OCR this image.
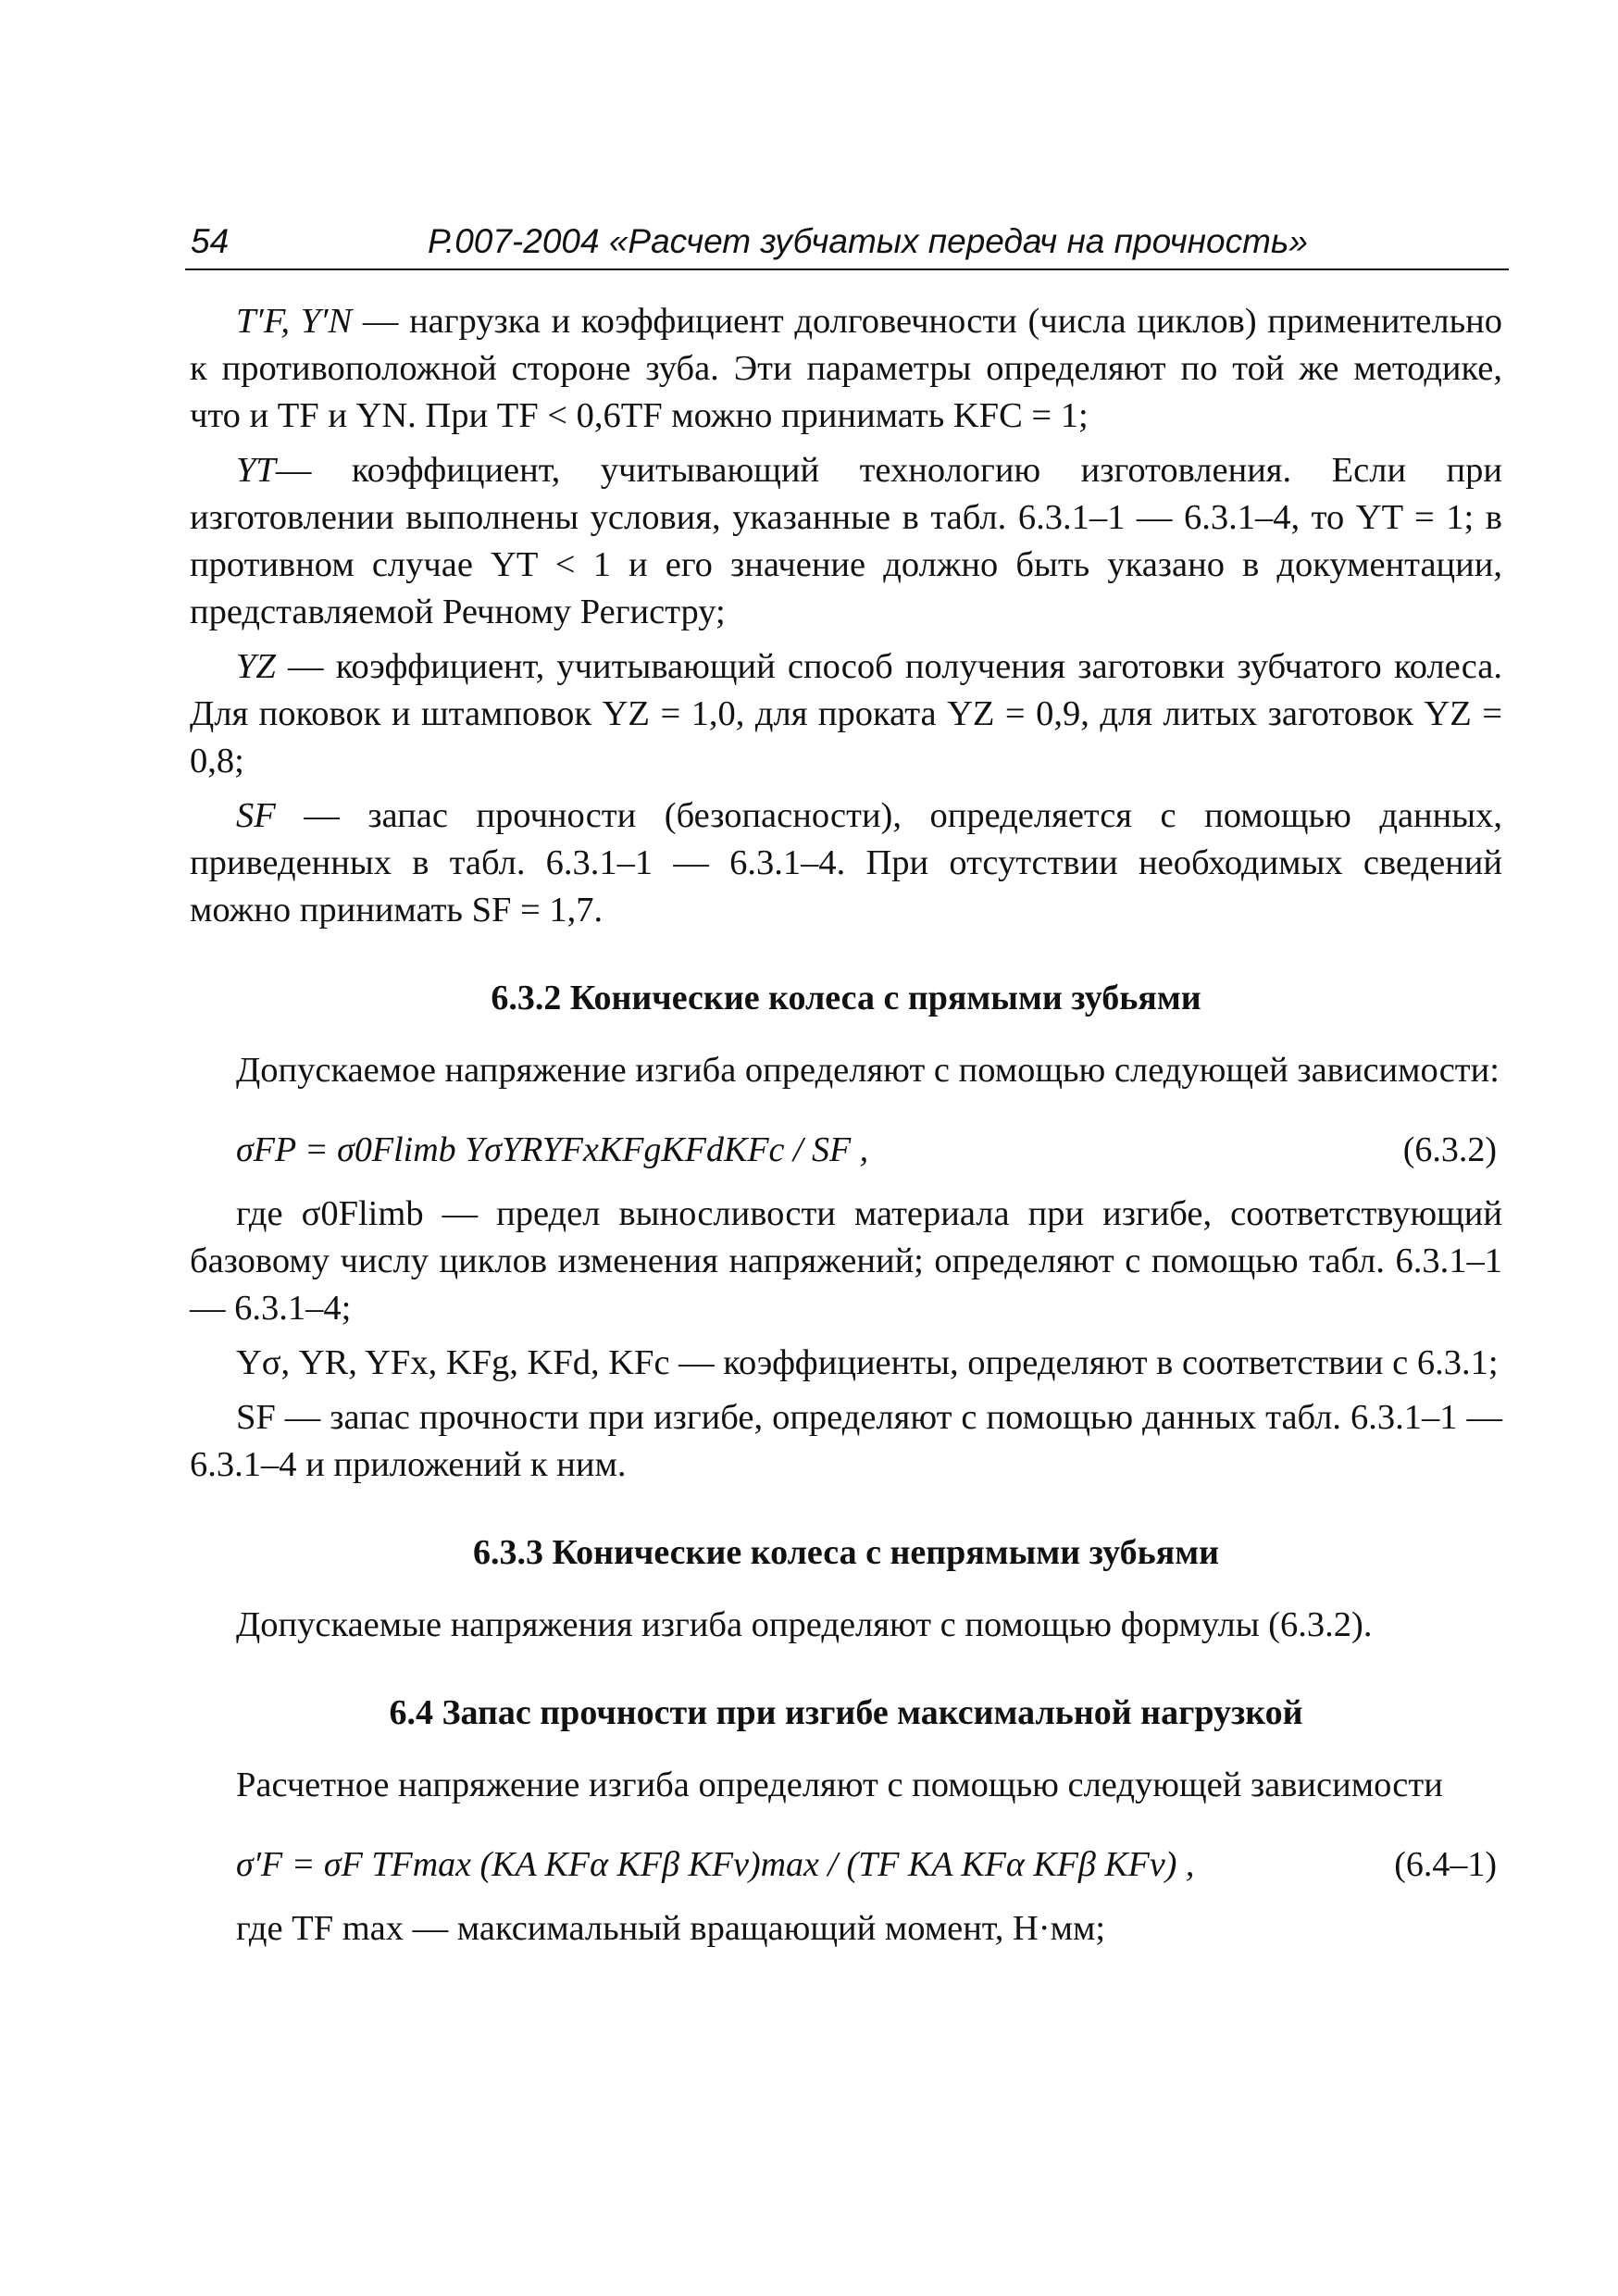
54	Р.007-2004 «Расчет зубчатых передач на прочность»

T′F, Y′N — нагрузка и коэффициент долговечности (числа циклов) применительно к противоположной стороне зуба. Эти параметры определяют по той же методике, что и TF и YN. При TF < 0,6TF можно принимать KFC = 1;

YT— коэффициент, учитывающий технологию изготовления. Если при изготовлении выполнены условия, указанные в табл. 6.3.1–1 — 6.3.1–4, то YT = 1; в противном случае YT < 1 и его значение должно быть указано в документации, представляемой Речному Регистру;

YZ — коэффициент, учитывающий способ получения заготовки зубчатого колеса. Для поковок и штамповок YZ = 1,0, для проката YZ = 0,9, для литых заготовок YZ = 0,8;

SF — запас прочности (безопасности), определяется с помощью данных, приведенных в табл. 6.3.1–1 — 6.3.1–4. При отсутствии необходимых сведений можно принимать SF = 1,7.

6.3.2 Конические колеса с прямыми зубьями

Допускаемое напряжение изгиба определяют с помощью следующей зависимости:

σFP = σ0Flimb YσYRYFxKFgKFdKFc / SF ,	(6.3.2)

где σ0Flimb — предел выносливости материала при изгибе, соответствующий базовому числу циклов изменения напряжений; определяют с помощью табл. 6.3.1–1 — 6.3.1–4;

Yσ, YR, YFx, KFg, KFd, KFc — коэффициенты, определяют в соответствии с 6.3.1;

SF — запас прочности при изгибе, определяют с помощью данных табл. 6.3.1–1 — 6.3.1–4 и приложений к ним.

6.3.3 Конические колеса с непрямыми зубьями

Допускаемые напряжения изгиба определяют с помощью формулы (6.3.2).

6.4 Запас прочности при изгибе максимальной нагрузкой

Расчетное напряжение изгиба определяют с помощью следующей зависимости

σ′F = σF TFmax (KA KFα KFβ KFv)max / (TF KA KFα KFβ KFv) ,	(6.4–1)

где TF max — максимальный вращающий момент, Н·мм;
